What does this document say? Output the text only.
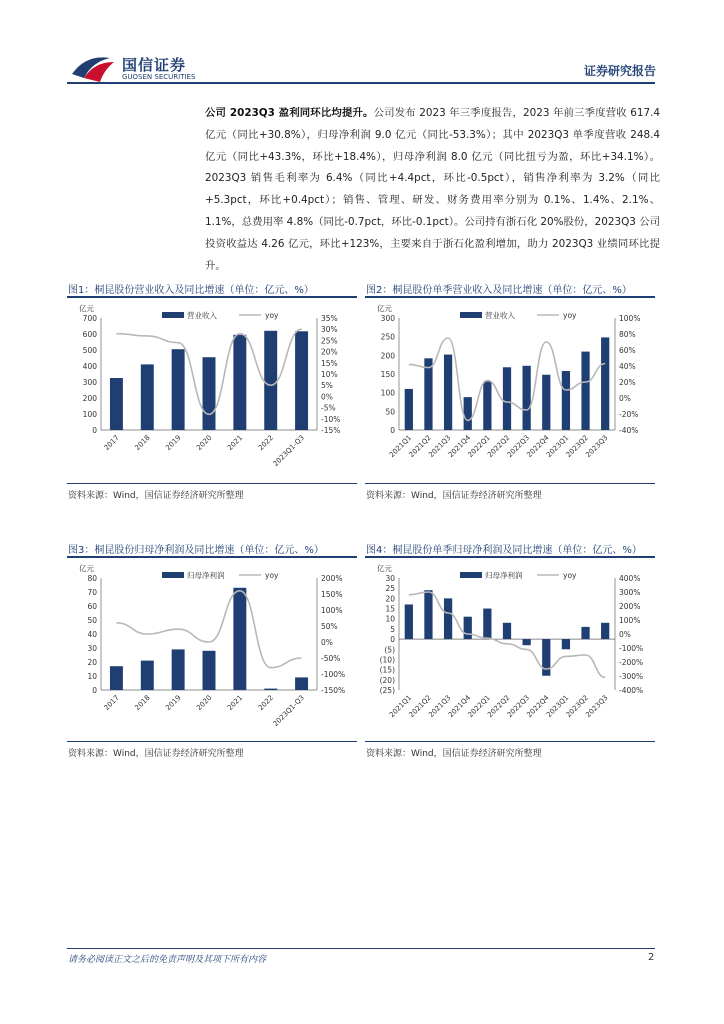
国信证券
GUOSEN SECURITIES	证券研究报告
公司 2023Q3 盈利同环比均提升。公司发布 2023 年三季度报告，2023 年前三季度营收 617.4 亿元（同比+30.8%），归母净利润 9.0 亿元（同比-53.3%）；其中 2023Q3 单季度营收 248.4 亿元（同比+43.3%，环比+18.4%），归母净利润 8.0 亿元（同比扭亏为盈，环比+34.1%）。2023Q3 销售毛利率为 6.4%（同比+4.4pct，环比-0.5pct），销售净利率为 3.2%（同比+5.3pct，环比+0.4pct）；销售、管理、研发、财务费用率分别为 0.1%、1.4%、2.1%、1.1%，总费用率 4.8%（同比-0.7pct，环比-0.1pct）。公司持有浙石化 20%股份，2023Q3 公司投资收益达 4.26 亿元，环比+123%，主要来自于浙石化盈利增加，助力 2023Q3 业绩同环比提升。
图1：桐昆股份营业收入及同比增速（单位：亿元、%）
亿元
营业收入	yoy
0
100
200
300
400
500
600
700	35%
30%
25%
20%
15%
10%
5%
0%
-5%
-10%
-15%
2017 2018 2019 2020 2021 2022
2023Q1-Q3
资料来源：Wind，国信证券经济研究所整理
图2：桐昆股份单季营业收入及同比增速（单位：亿元、%）
亿元
营业收入	yoy
0
50
100
150
200
250
300	100%
80%
60%
40%
20%
0%
-20%
-40%
2021Q1
2021Q2
2021Q3
2021Q4
2022Q1
2022Q2
2022Q3
2022Q4
2023Q1
2023Q2
2023Q3
资料来源：Wind，国信证券经济研究所整理
图3：桐昆股份归母净利润及同比增速（单位：亿元、%）
亿元
归母净利润	yoy
0
10
20
30
40
50
60
70
80	200%
150%
100%
50%
0%
-50%
-100%
-150%
2017 2018 2019 2020 2021 2022
2023Q1-Q3
资料来源：Wind，国信证券经济研究所整理
图4：桐昆股份单季归母净利润及同比增速（单位：亿元、%）
亿元
归母净利润	yoy
30
25
20
15
10
5
0
(5)
(10)
(15)
(20)
(25)
400%
300%
200%
100%
0%
-100%
-200%
-300%
-400%
2021Q1
2021Q2
2021Q3
2021Q4
2022Q1
2022Q2
2022Q3
2022Q4
2023Q1
2023Q2
2023Q3
资料来源：Wind，国信证券经济研究所整理
请务必阅读正文之后的免责声明及其项下所有内容	2
